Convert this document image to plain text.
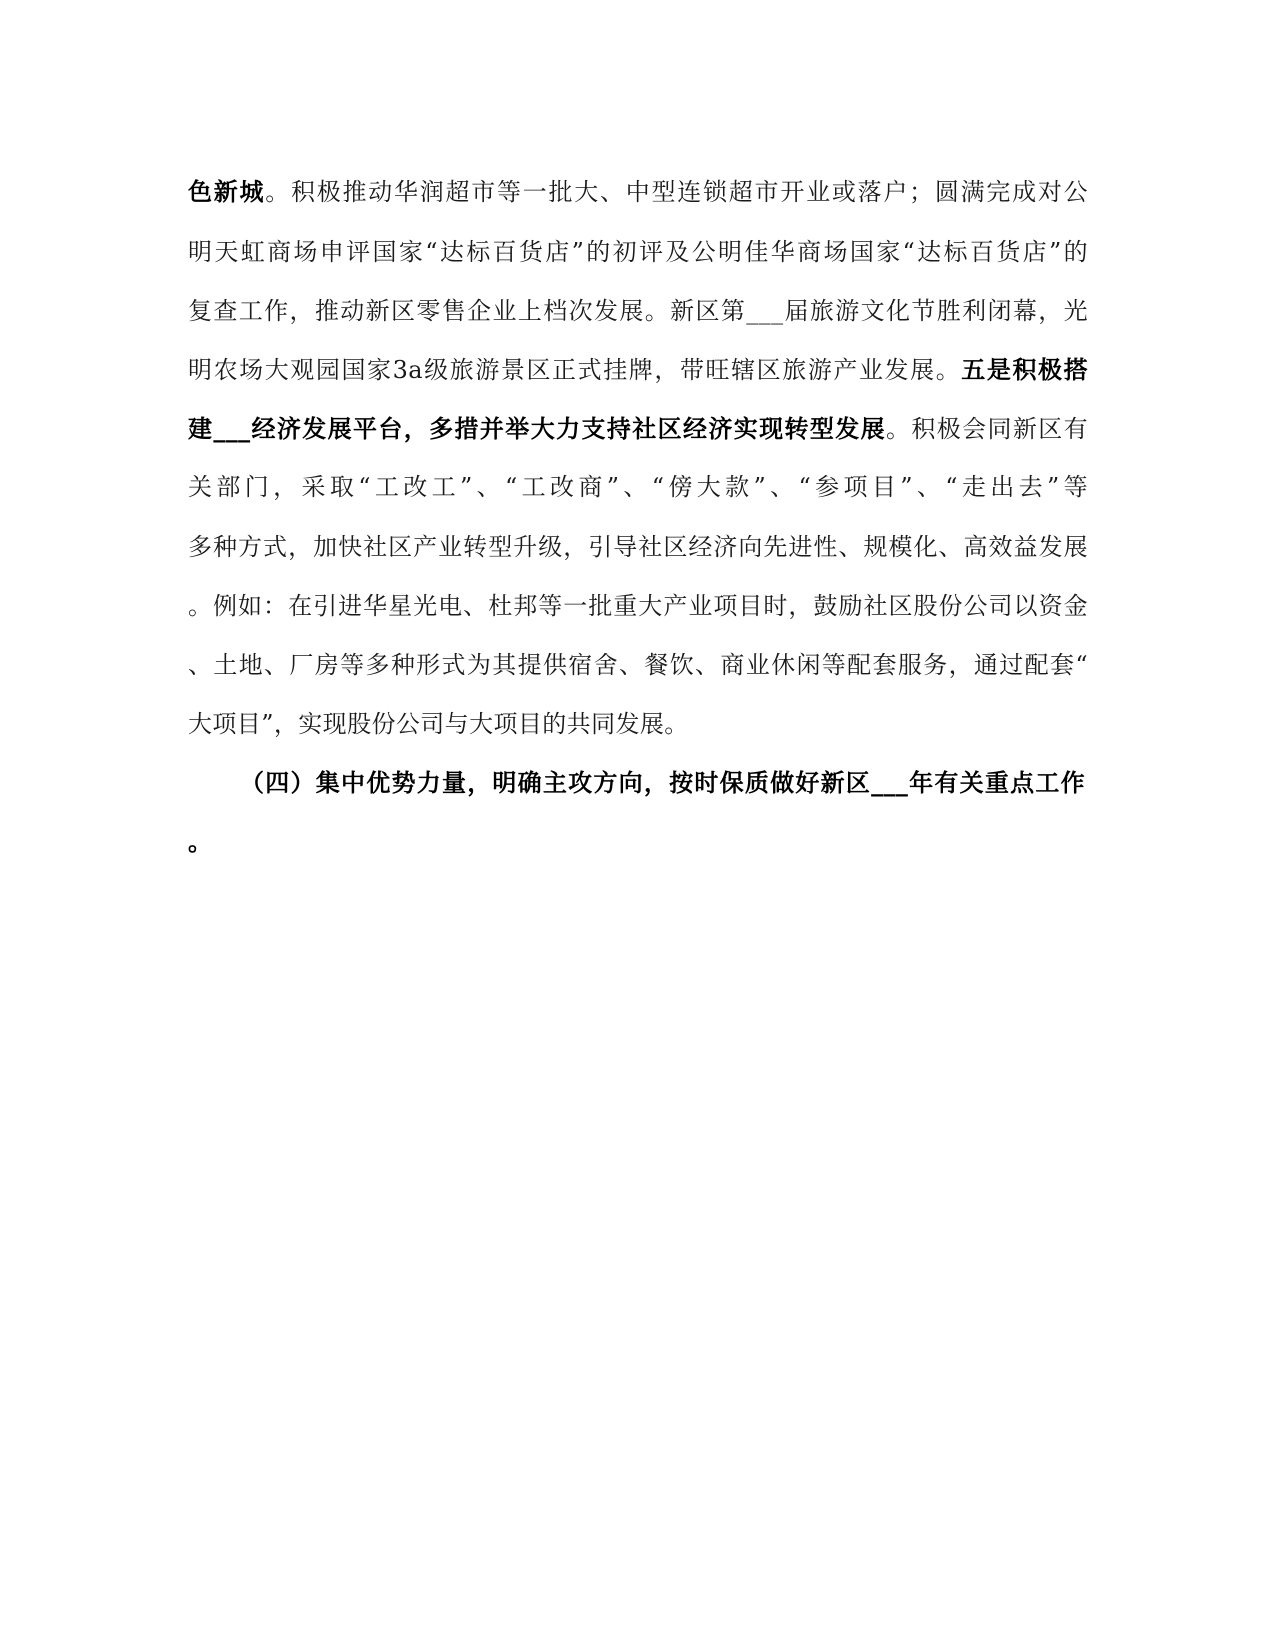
色新城。积极推动华润超市等一批大、中型连锁超市开业或落户；圆满完成对公
明天虹商场申评国家“达标百货店”的初评及公明佳华商场国家“达标百货店”的
复查工作，推动新区零售企业上档次发展。新区第___届旅游文化节胜利闭幕，光
明农场大观园国家3a级旅游景区正式挂牌，带旺辖区旅游产业发展。五是积极搭
建___经济发展平台，多措并举大力支持社区经济实现转型发展。积极会同新区有
关部门，采取“工改工”、“工改商”、“傍大款”、“参项目”、“走出去”等
多种方式，加快社区产业转型升级，引导社区经济向先进性、规模化、高效益发展
。例如：在引进华星光电、杜邦等一批重大产业项目时，鼓励社区股份公司以资金
、土地、厂房等多种形式为其提供宿舍、餐饮、商业休闲等配套服务，通过配套“
大项目”，实现股份公司与大项目的共同发展。
（四）集中优势力量，明确主攻方向，按时保质做好新区___年有关重点工作
。
